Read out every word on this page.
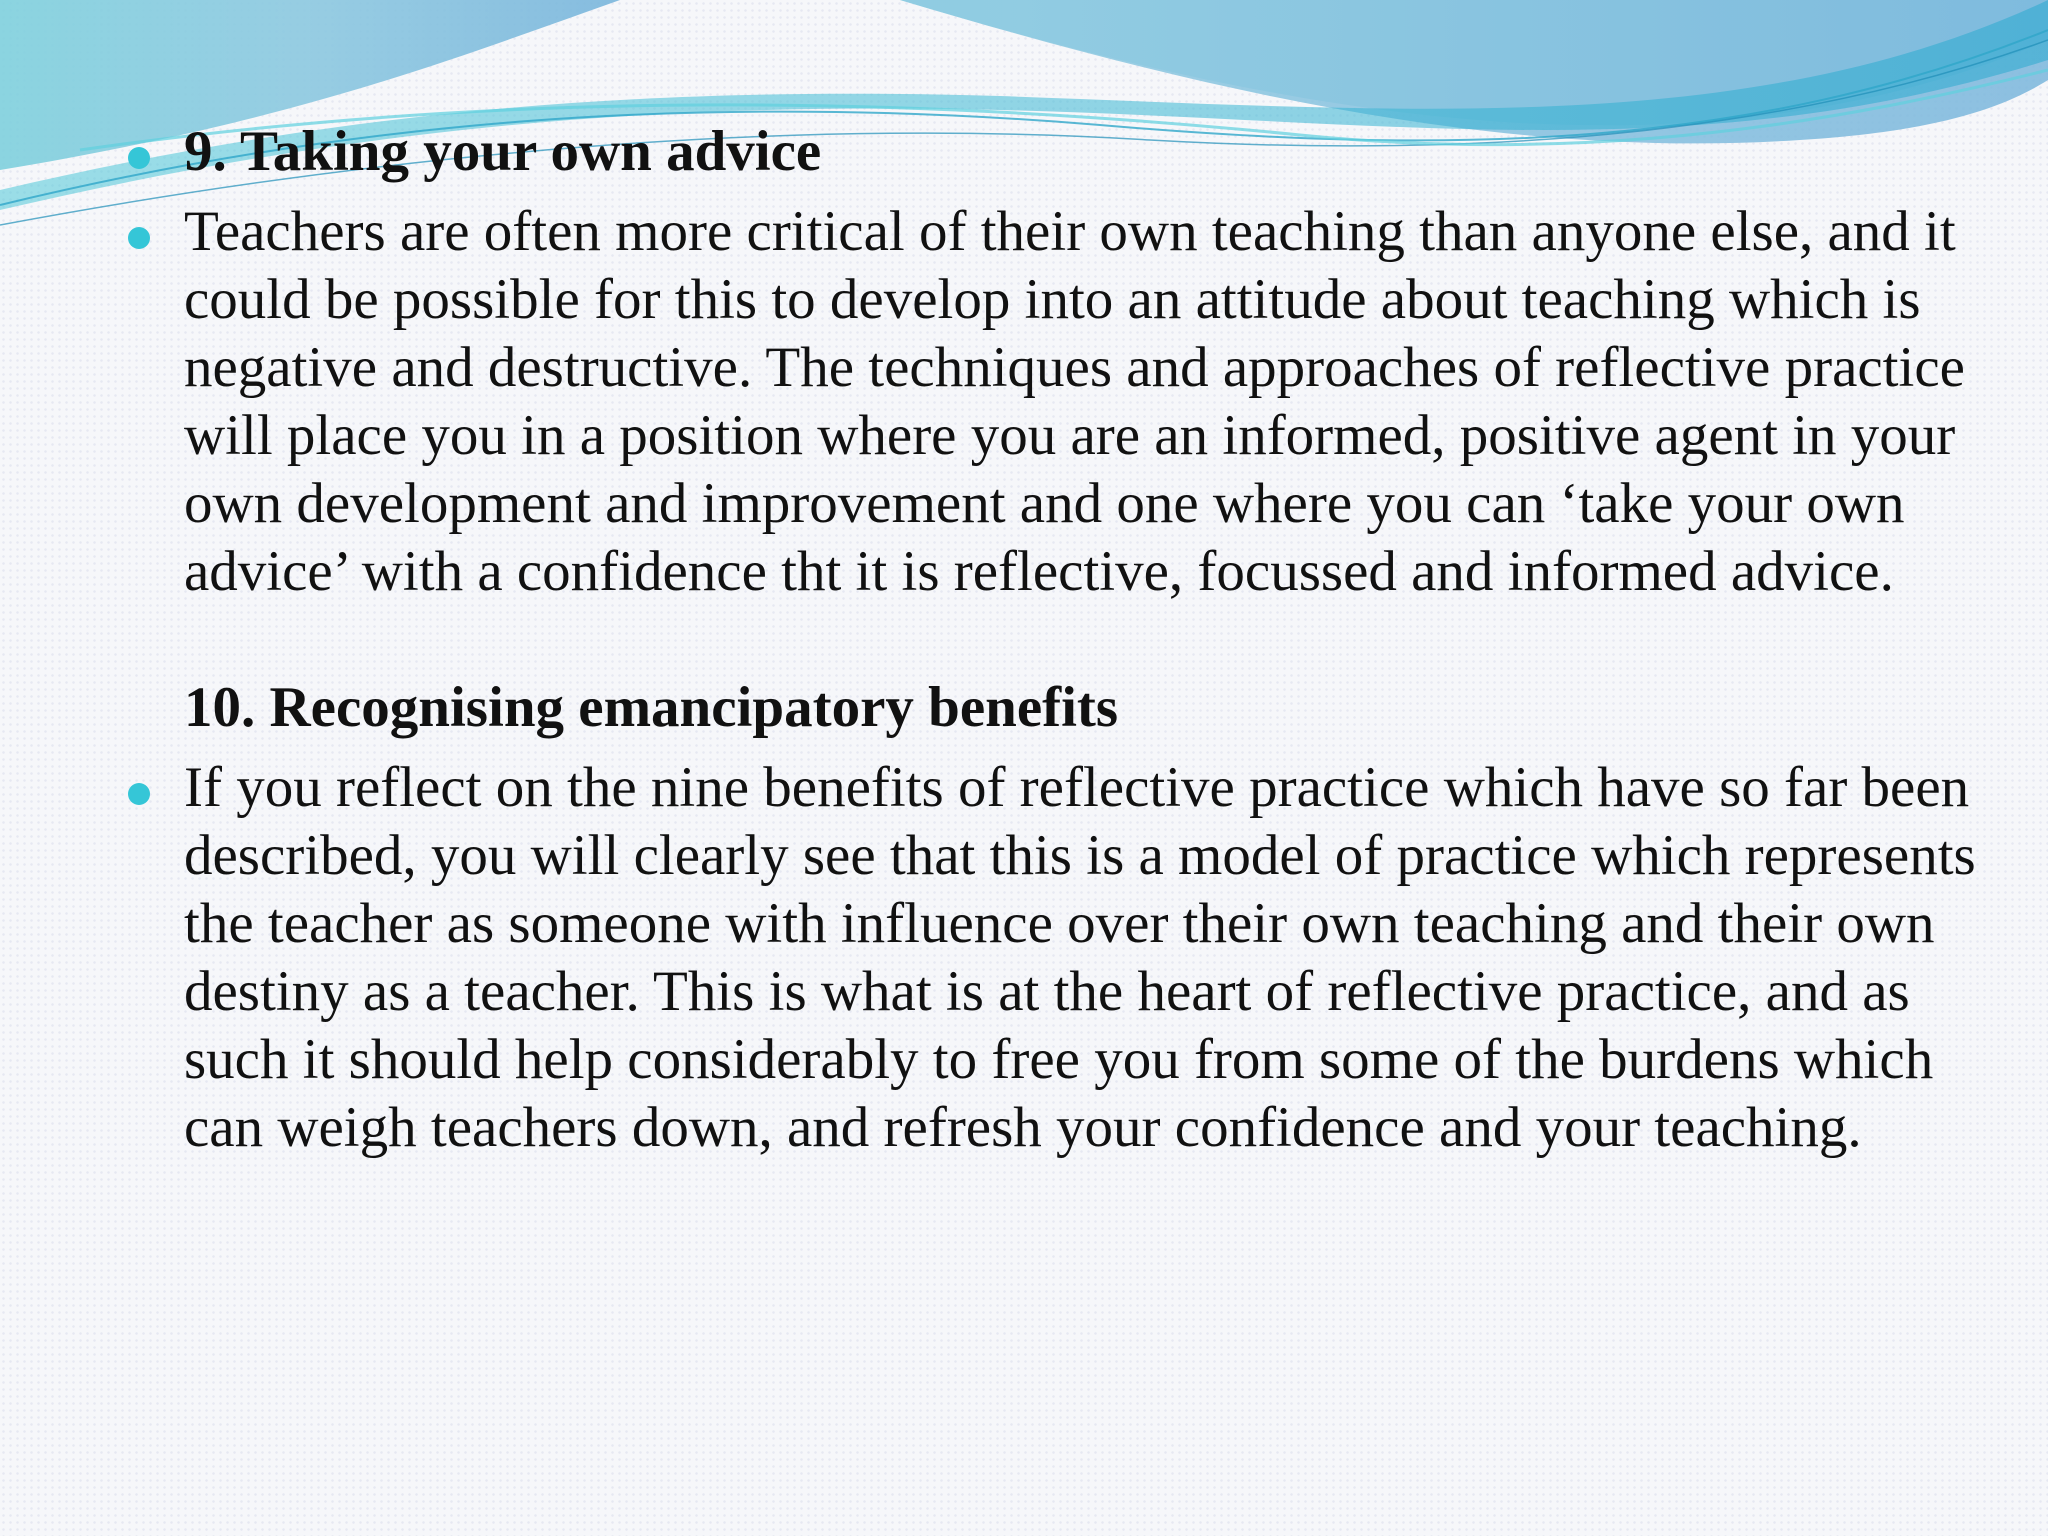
9. Taking your own advice
Teachers are often more critical of their own teaching than anyone else, and it could be possible for this to develop into an attitude about teaching which is negative and destructive. The techniques and approaches of reflective practice will place you in a position where you are an informed, positive agent in your own development and improvement and one where you can ‘take your own advice’ with a confidence tht it is reflective, focussed and informed advice.
10. Recognising emancipatory benefits
If you reflect on the nine benefits of reflective practice which have so far been described, you will clearly see that this is a model of practice which represents the teacher as someone with influence over their own teaching and their own destiny as a teacher. This is what is at the heart of reflective practice, and as such it should help considerably to free you from some of the burdens which can weigh teachers down, and refresh your confidence and your teaching.
